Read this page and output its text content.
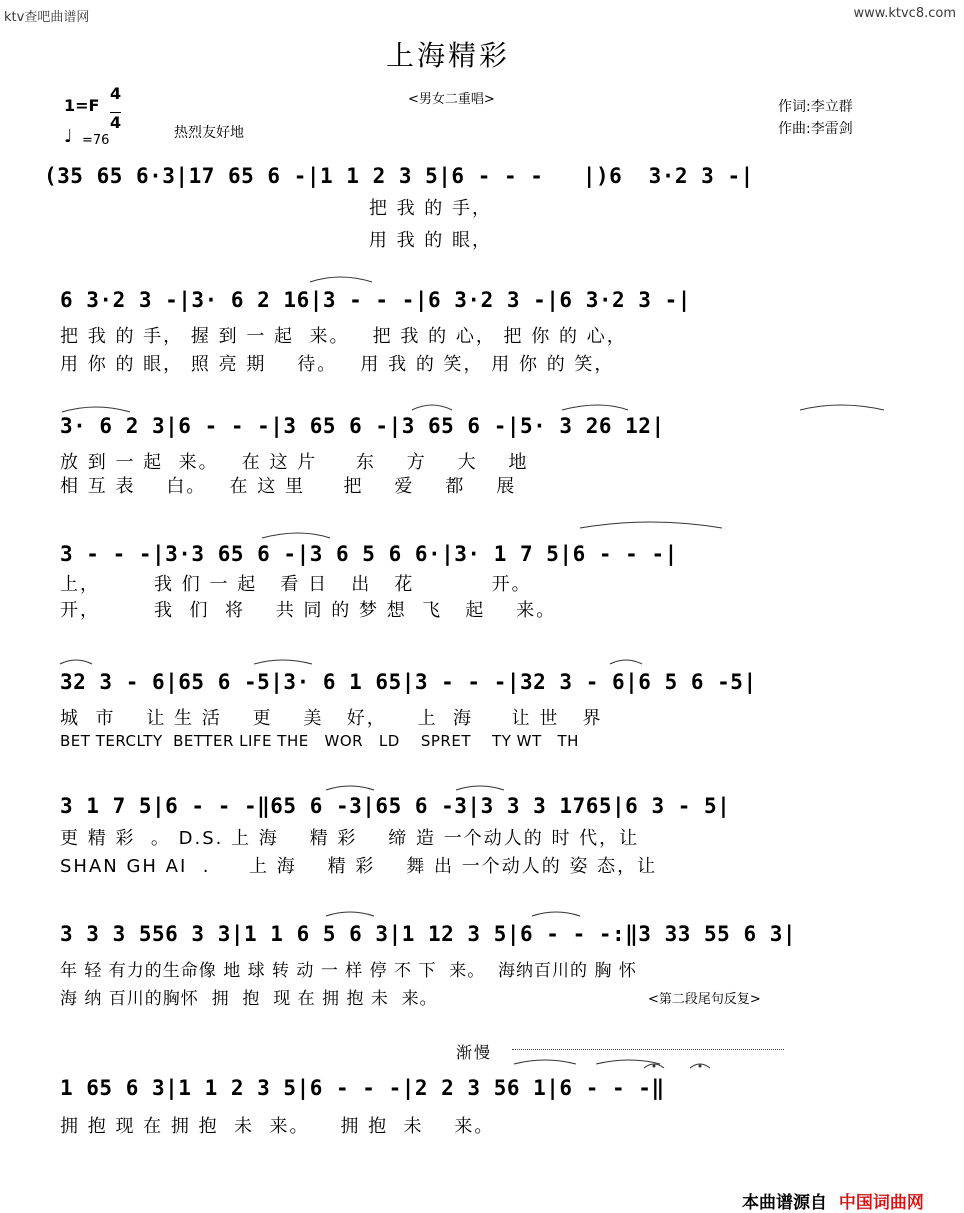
ktv查吧曲谱网	www.ktvc8.com
上海精彩
<男女二重唱>	作词:李立群
作曲:李雷剑
1=F
4
4
♩ =76	热烈友好地
(35 65 6·3|17 65 6 -|1 1 2 3 5|6 - - -   |)6  3·2 3 -|
把 我 的 手，
用 我 的 眼，
6 3·2 3 -|3· 6 2 16|3 - - -|6 3·2 3 -|6 3·2 3 -|
把 我 的 手， 握 到 一 起  来。   把 我 的 心， 把 你 的 心，
用 你 的 眼， 照 亮 期    待。   用 我 的 笑， 用 你 的 笑，
3· 6 2 3|6 - - -|3 65 6 -|3 65 6 -|5· 3 26 12|
放 到 一 起  来。   在 这 片     东    方    大    地
相 互 表    白。   在 这 里     把    爱    都    展
3 - - -|3·3 65 6 -|3 6 5 6 6·|3· 1 7 5|6 - - -|
上，       我 们 一 起   看 日   出   花          开。
开，       我  们  将    共 同 的 梦 想  飞   起    来。
32 3 - 6|65 6 -5|3· 6 1 65|3 - - -|32 3 - 6|6 5 6 -5|
城  市    让 生 活    更    美   好，    上  海     让 世   界
BET TERCLTY  BETTER LIFE THE   WOR   LD    SPRET    TY WT   TH
3 1 7 5|6 - - -‖65 6 -3|65 6 -3|3 3 3 1765|6 3 - 5|
更 精 彩  。 D.S. 上 海    精 彩    缔 造 一个动人的 时 代，让
SHAN GH AI  .     上 海    精 彩    舞 出 一个动人的 姿 态，让
3 3 3 556 3 3|1 1 6 5 6 3|1 12 3 5|6 - - -:‖3 33 55 6 3|
年 轻 有力的生命像 地 球 转 动 一 样 停 不 下  来。  海纳百川的 胸 怀
海 纳 百川的胸怀  拥  抱  现 在 拥 抱 未  来。	<第二段尾句反复>
渐慢
1 65 6 3|1 1 2 3 5|6 - - -|2 2 3 56 1|6 - - -‖
拥 抱 现 在 拥 抱  未  来。    拥 抱  未    来。
本曲谱源自 中国词曲网
